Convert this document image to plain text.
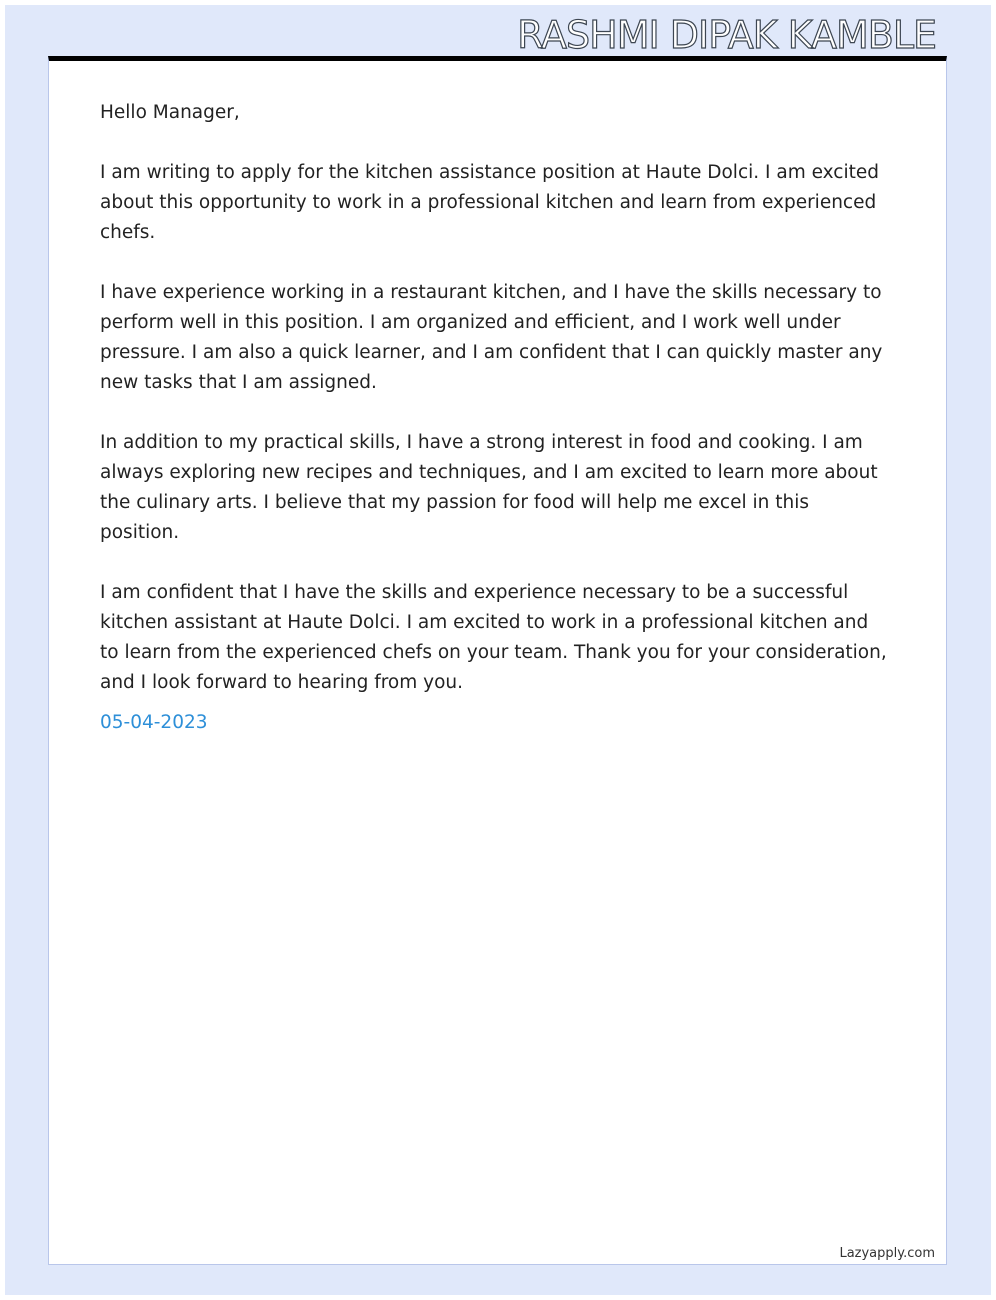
RASHMI DIPAK KAMBLE

Hello Manager,

I am writing to apply for the kitchen assistance position at Haute Dolci. I am excited about this opportunity to work in a professional kitchen and learn from experienced chefs.

I have experience working in a restaurant kitchen, and I have the skills necessary to perform well in this position. I am organized and efficient, and I work well under pressure. I am also a quick learner, and I am confident that I can quickly master any new tasks that I am assigned.

In addition to my practical skills, I have a strong interest in food and cooking. I am always exploring new recipes and techniques, and I am excited to learn more about the culinary arts. I believe that my passion for food will help me excel in this position.

I am confident that I have the skills and experience necessary to be a successful kitchen assistant at Haute Dolci. I am excited to work in a professional kitchen and to learn from the experienced chefs on your team. Thank you for your consideration, and I look forward to hearing from you.

05-04-2023
Lazyapply.com
